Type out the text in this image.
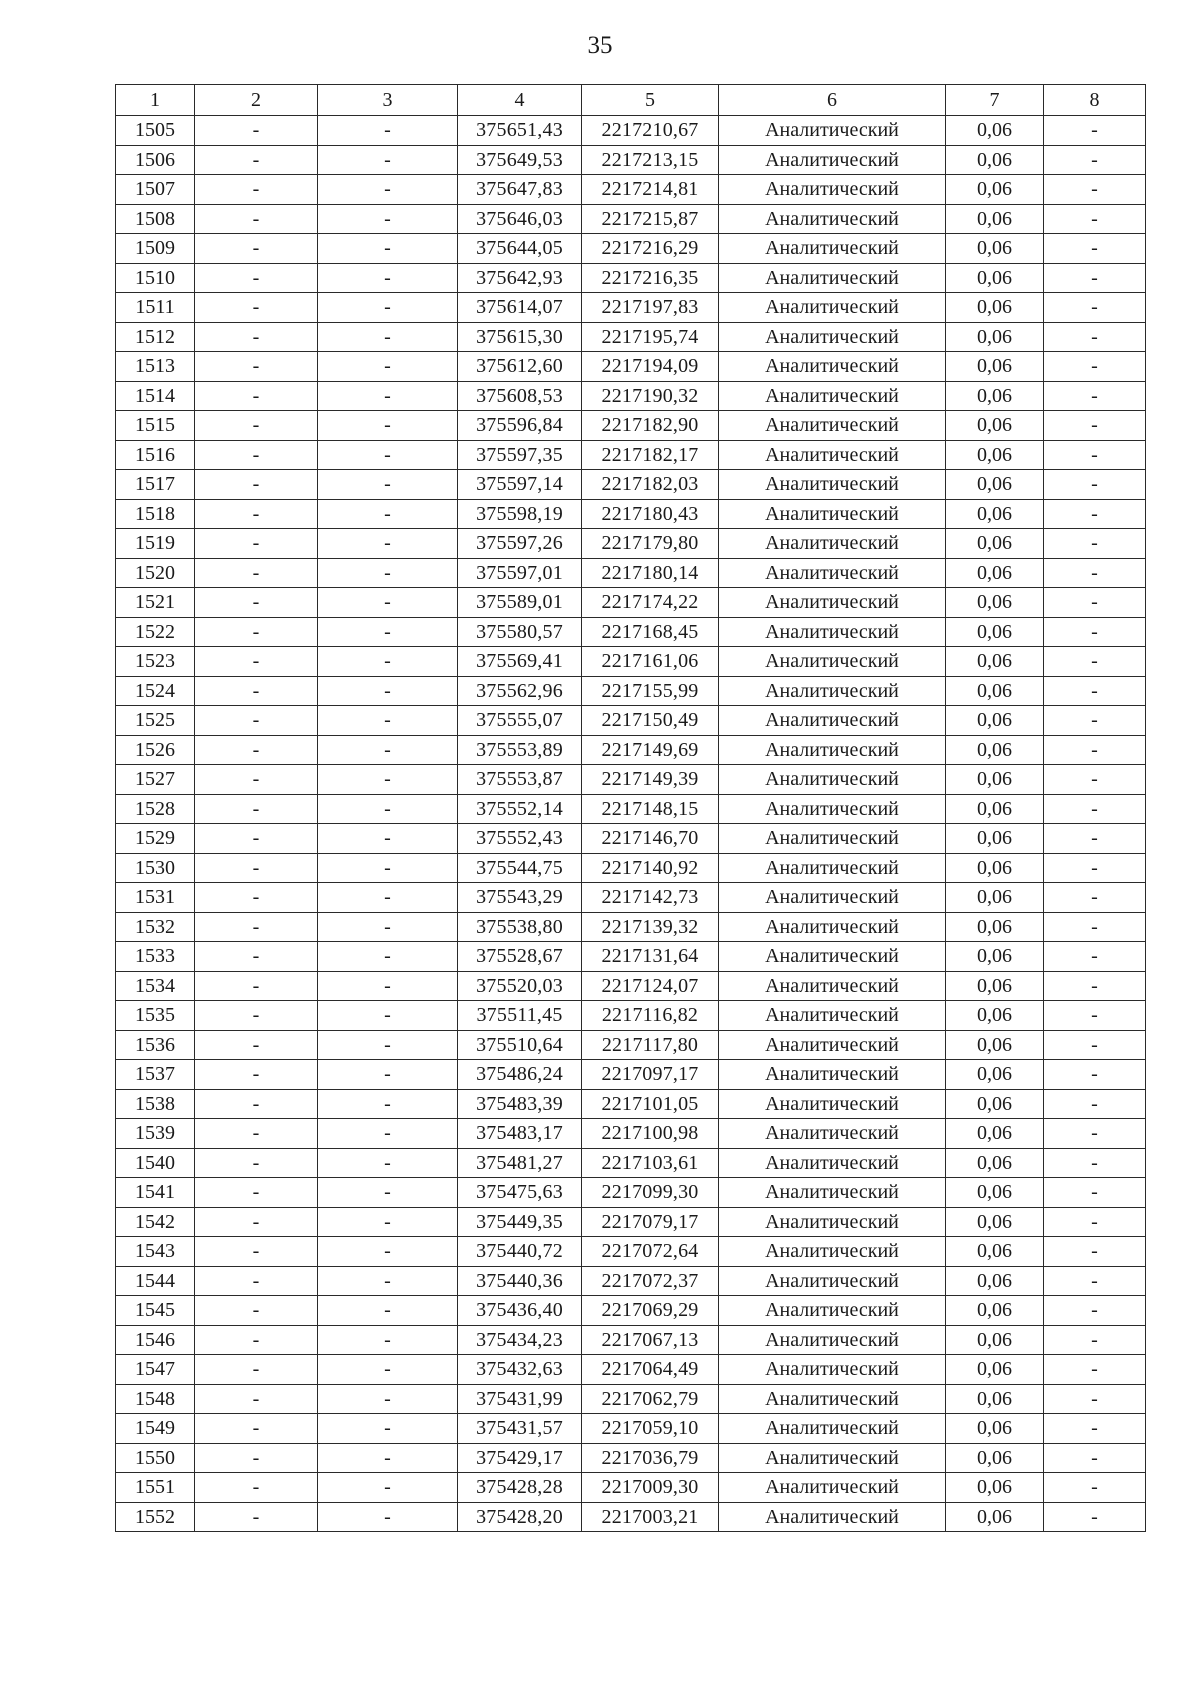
35
1	2	3	4	5	6	7	8
1505	-	-	375651,43	2217210,67	Аналитический	0,06	-
1506	-	-	375649,53	2217213,15	Аналитический	0,06	-
1507	-	-	375647,83	2217214,81	Аналитический	0,06	-
1508	-	-	375646,03	2217215,87	Аналитический	0,06	-
1509	-	-	375644,05	2217216,29	Аналитический	0,06	-
1510	-	-	375642,93	2217216,35	Аналитический	0,06	-
1511	-	-	375614,07	2217197,83	Аналитический	0,06	-
1512	-	-	375615,30	2217195,74	Аналитический	0,06	-
1513	-	-	375612,60	2217194,09	Аналитический	0,06	-
1514	-	-	375608,53	2217190,32	Аналитический	0,06	-
1515	-	-	375596,84	2217182,90	Аналитический	0,06	-
1516	-	-	375597,35	2217182,17	Аналитический	0,06	-
1517	-	-	375597,14	2217182,03	Аналитический	0,06	-
1518	-	-	375598,19	2217180,43	Аналитический	0,06	-
1519	-	-	375597,26	2217179,80	Аналитический	0,06	-
1520	-	-	375597,01	2217180,14	Аналитический	0,06	-
1521	-	-	375589,01	2217174,22	Аналитический	0,06	-
1522	-	-	375580,57	2217168,45	Аналитический	0,06	-
1523	-	-	375569,41	2217161,06	Аналитический	0,06	-
1524	-	-	375562,96	2217155,99	Аналитический	0,06	-
1525	-	-	375555,07	2217150,49	Аналитический	0,06	-
1526	-	-	375553,89	2217149,69	Аналитический	0,06	-
1527	-	-	375553,87	2217149,39	Аналитический	0,06	-
1528	-	-	375552,14	2217148,15	Аналитический	0,06	-
1529	-	-	375552,43	2217146,70	Аналитический	0,06	-
1530	-	-	375544,75	2217140,92	Аналитический	0,06	-
1531	-	-	375543,29	2217142,73	Аналитический	0,06	-
1532	-	-	375538,80	2217139,32	Аналитический	0,06	-
1533	-	-	375528,67	2217131,64	Аналитический	0,06	-
1534	-	-	375520,03	2217124,07	Аналитический	0,06	-
1535	-	-	375511,45	2217116,82	Аналитический	0,06	-
1536	-	-	375510,64	2217117,80	Аналитический	0,06	-
1537	-	-	375486,24	2217097,17	Аналитический	0,06	-
1538	-	-	375483,39	2217101,05	Аналитический	0,06	-
1539	-	-	375483,17	2217100,98	Аналитический	0,06	-
1540	-	-	375481,27	2217103,61	Аналитический	0,06	-
1541	-	-	375475,63	2217099,30	Аналитический	0,06	-
1542	-	-	375449,35	2217079,17	Аналитический	0,06	-
1543	-	-	375440,72	2217072,64	Аналитический	0,06	-
1544	-	-	375440,36	2217072,37	Аналитический	0,06	-
1545	-	-	375436,40	2217069,29	Аналитический	0,06	-
1546	-	-	375434,23	2217067,13	Аналитический	0,06	-
1547	-	-	375432,63	2217064,49	Аналитический	0,06	-
1548	-	-	375431,99	2217062,79	Аналитический	0,06	-
1549	-	-	375431,57	2217059,10	Аналитический	0,06	-
1550	-	-	375429,17	2217036,79	Аналитический	0,06	-
1551	-	-	375428,28	2217009,30	Аналитический	0,06	-
1552	-	-	375428,20	2217003,21	Аналитический	0,06	-
